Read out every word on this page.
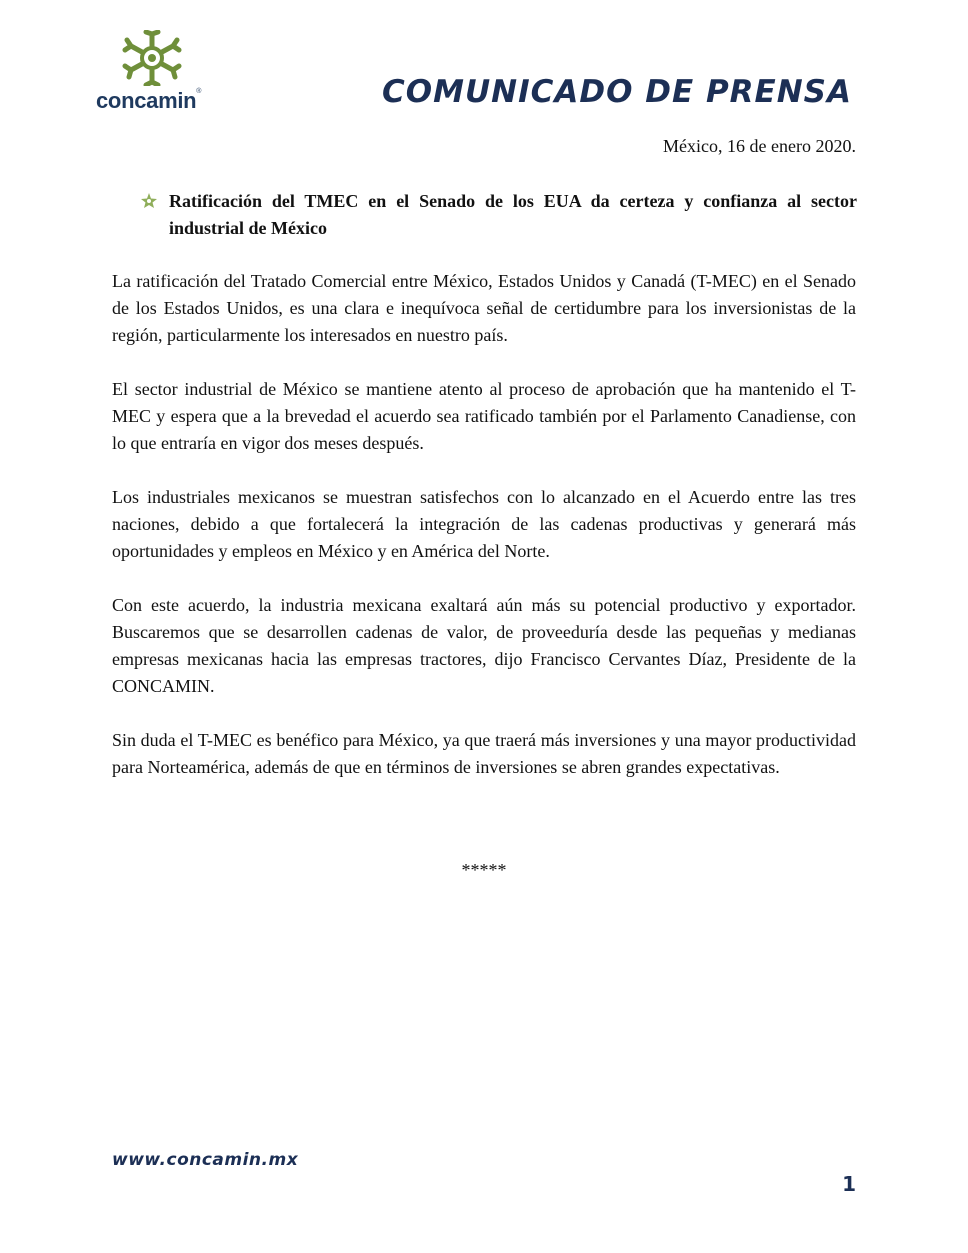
concamin®	COMUNICADO DE PRENSA
México, 16 de enero 2020.
Ratificación del TMEC en el Senado de los EUA da certeza y confianza al sector industrial de México

La ratificación del Tratado Comercial entre México, Estados Unidos y Canadá (T-MEC) en el Senado de los Estados Unidos, es una clara e inequívoca señal de certidumbre para los inversionistas de la región, particularmente los interesados en nuestro país.

El sector industrial de México se mantiene atento al proceso de aprobación que ha mantenido el T-MEC y espera que a la brevedad el acuerdo sea ratificado también por el Parlamento Canadiense, con lo que entraría en vigor dos meses después.

Los industriales mexicanos se muestran satisfechos con lo alcanzado en el Acuerdo entre las tres naciones, debido a que fortalecerá la integración de las cadenas productivas y generará más oportunidades y empleos en México y en América del Norte.

Con este acuerdo, la industria mexicana exaltará aún más su potencial productivo y exportador. Buscaremos que se desarrollen cadenas de valor, de proveeduría desde las pequeñas y medianas empresas mexicanas hacia las empresas tractores, dijo Francisco Cervantes Díaz, Presidente de la CONCAMIN.

Sin duda el T-MEC es benéfico para México, ya que traerá más inversiones y una mayor productividad para Norteamérica, además de que en términos de inversiones se abren grandes expectativas.

*****
www.concamin.mx
1
